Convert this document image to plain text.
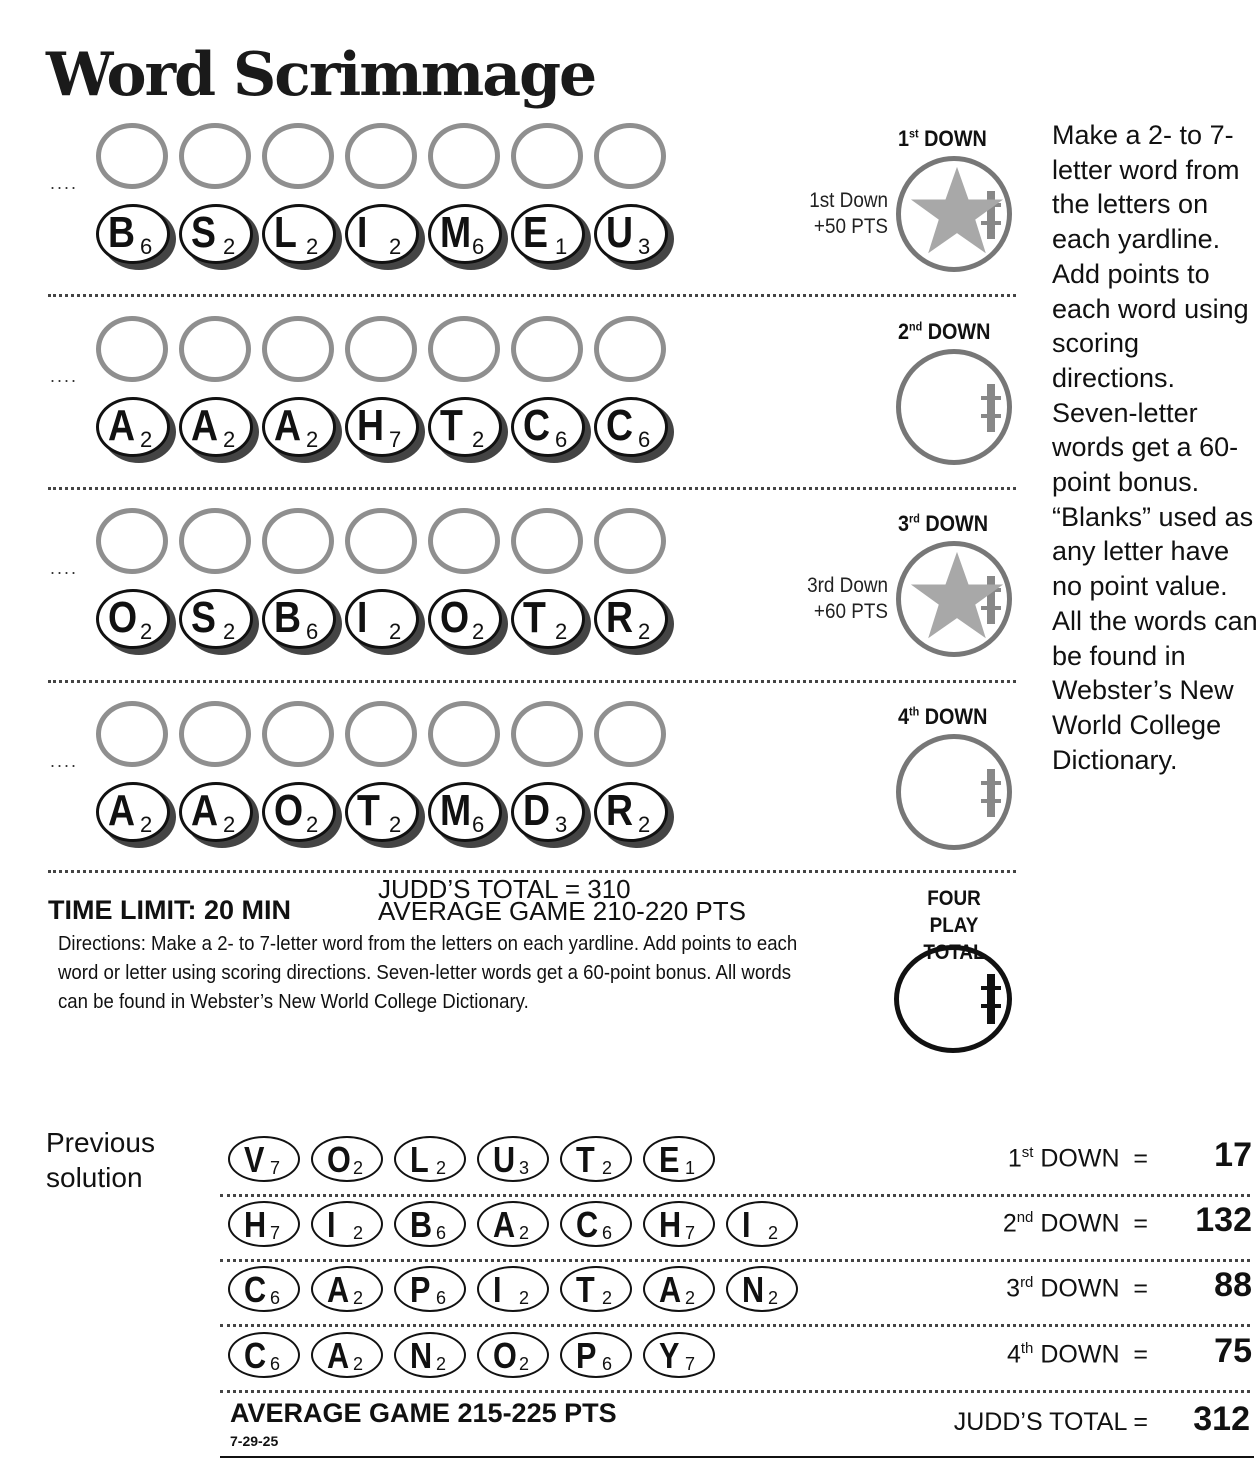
Word Scrimmage
....
B 6 S 2 L 2 I 2 M 6 E 1 U 3
1st DOWN
1st Down
+50 PTS
....
A 2 A 2 A 2 H 7 T 2 C 6 C 6
2nd DOWN
....
O 2 S 2 B 6 I 2 O 2 T 2 R 2
3rd DOWN
3rd Down
+60 PTS
....
A 2 A 2 O 2 T 2 M 6 D 3 R 2
4th DOWN
Make a 2- to 7-letter word from the letters on each yardline. Add points to each word using scoring directions. Seven-letter words get a 60-point bonus. “Blanks” used as any letter have no point value. All the words can be found in Webster’s New World College Dictionary.
TIME LIMIT: 20 MIN
JUDD’S TOTAL = 310
AVERAGE GAME 210-220 PTS
Directions: Make a 2- to 7-letter word from the letters on each yardline. Add points to each word or letter using scoring directions. Seven-letter words get a 60-point bonus. All words can be found in Webster’s New World College Dictionary.
FOUR PLAY
TOTAL
Previous
solution	V 7 O 2 L 2 U 3 T 2 E 1	1st DOWN  = 17
H 7 I 2 B 6 A 2 C 6 H 7 I 2	2nd DOWN  = 132
C 6 A 2 P 6 I 2 T 2 A 2 N 2	3rd DOWN  = 88
C 6 A 2 N 2 O 2 P 6 Y 7	4th DOWN  = 75
AVERAGE GAME 215-225 PTS
7-29-25
JUDD’S TOTAL = 312
